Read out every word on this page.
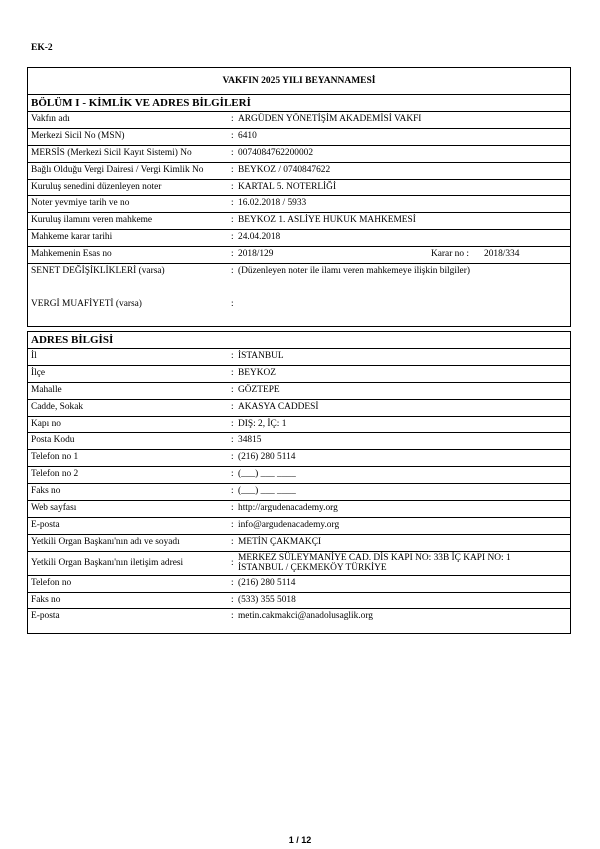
EK-2
VAKFIN 2025 YILI BEYANNAMESİ
BÖLÜM I - KİMLİK VE ADRES BİLGİLERİ
Vakfın adı	: ARGÜDEN YÖNETİŞİM AKADEMİSİ VAKFI
Merkezi Sicil No (MSN)	: 6410
MERSİS (Merkezi Sicil Kayıt Sistemi) No	: 0074084762200002
Bağlı Olduğu Vergi Dairesi / Vergi Kimlik No	: BEYKOZ / 0740847622
Kuruluş senedini düzenleyen noter	: KARTAL 5. NOTERLİĞİ
Noter yevmiye tarih ve no	: 16.02.2018 / 5933
Kuruluş ilamını veren mahkeme	: BEYKOZ 1. ASLİYE HUKUK MAHKEMESİ
Mahkeme karar tarihi	: 24.04.2018
Mahkemenin Esas no	: 2018/129	Karar no : 2018/334
SENET DEĞİŞİKLİKLERİ (varsa)	: (Düzenleyen noter ile ilamı veren mahkemeye ilişkin bilgiler)
VERGİ MUAFİYETİ (varsa)	:
ADRES BİLGİSİ
İl	: İSTANBUL
İlçe	: BEYKOZ
Mahalle	: GÖZTEPE
Cadde, Sokak	: AKASYA CADDESİ
Kapı no	: DIŞ: 2, İÇ: 1
Posta Kodu	: 34815
Telefon no 1	: (216) 280 5114
Telefon no 2	: (___) ___ ____
Faks no	: (___) ___ ____
Web sayfası	: http://argudenacademy.org
E-posta	: info@argudenacademy.org
Yetkili Organ Başkanı'nın adı ve soyadı	: METİN ÇAKMAKÇI
Yetkili Organ Başkanı'nın iletişim adresi	: MERKEZ SÜLEYMANİYE CAD. DİS KAPI NO: 33B İÇ KAPI NO: 1
İSTANBUL / ÇEKMEKÖY TÜRKİYE
Telefon no	: (216) 280 5114
Faks no	: (533) 355 5018
E-posta	: metin.cakmakci@anadolusaglik.org
1 / 12
